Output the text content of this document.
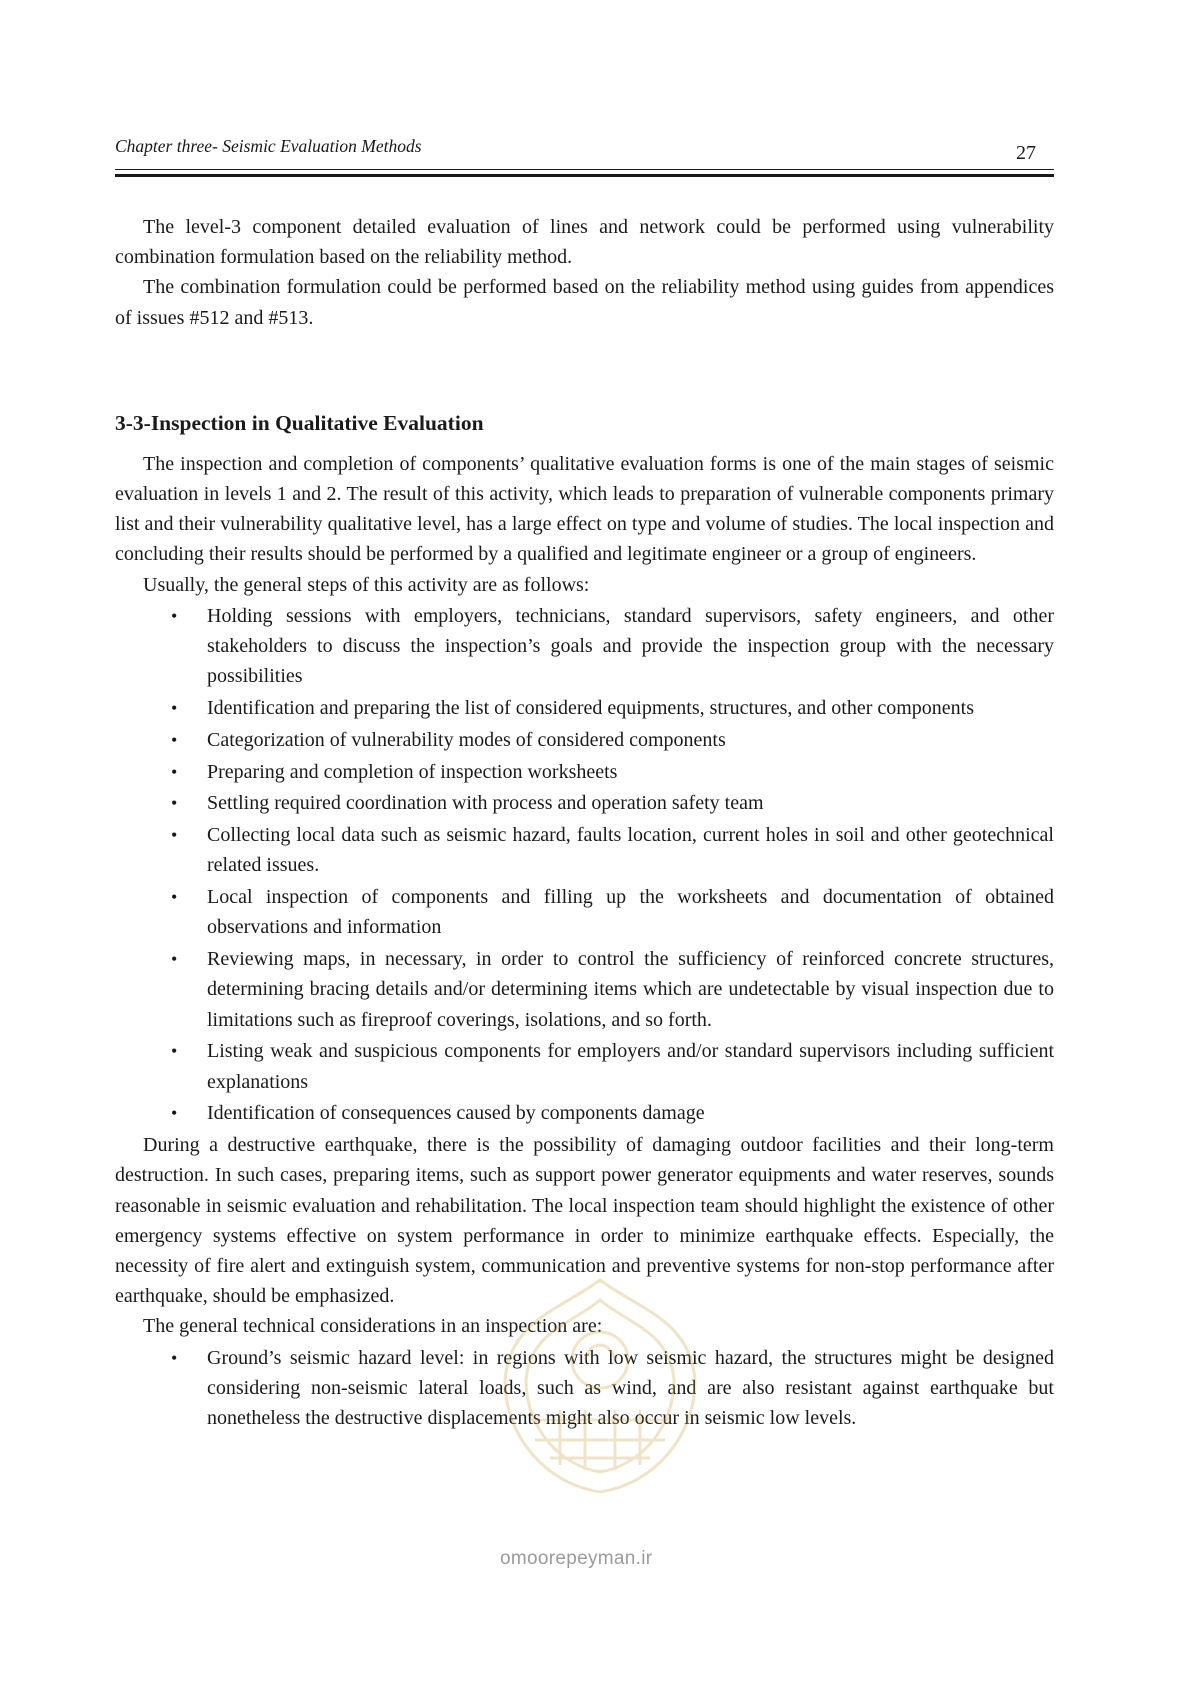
Chapter three- Seismic Evaluation Methods	27

The level-3 component detailed evaluation of lines and network could be performed using vulnerability combination formulation based on the reliability method.

The combination formulation could be performed based on the reliability method using guides from appendices of issues #512 and #513.

3-3-Inspection in Qualitative Evaluation

The inspection and completion of components’ qualitative evaluation forms is one of the main stages of seismic evaluation in levels 1 and 2. The result of this activity, which leads to preparation of vulnerable components primary list and their vulnerability qualitative level, has a large effect on type and volume of studies. The local inspection and concluding their results should be performed by a qualified and legitimate engineer or a group of engineers.

Usually, the general steps of this activity are as follows:

• Holding sessions with employers, technicians, standard supervisors, safety engineers, and other stakeholders to discuss the inspection’s goals and provide the inspection group with the necessary possibilities
• Identification and preparing the list of considered equipments, structures, and other components
• Categorization of vulnerability modes of considered components
• Preparing and completion of inspection worksheets
• Settling required coordination with process and operation safety team
• Collecting local data such as seismic hazard, faults location, current holes in soil and other geotechnical related issues.
• Local inspection of components and filling up the worksheets and documentation of obtained observations and information
• Reviewing maps, in necessary, in order to control the sufficiency of reinforced concrete structures, determining bracing details and/or determining items which are undetectable by visual inspection due to limitations such as fireproof coverings, isolations, and so forth.
• Listing weak and suspicious components for employers and/or standard supervisors including sufficient explanations
• Identification of consequences caused by components damage

During a destructive earthquake, there is the possibility of damaging outdoor facilities and their long-term destruction. In such cases, preparing items, such as support power generator equipments and water reserves, sounds reasonable in seismic evaluation and rehabilitation. The local inspection team should highlight the existence of other emergency systems effective on system performance in order to minimize earthquake effects. Especially, the necessity of fire alert and extinguish system, communication and preventive systems for non-stop performance after earthquake, should be emphasized.

The general technical considerations in an inspection are:

• Ground’s seismic hazard level: in regions with low seismic hazard, the structures might be designed considering non-seismic lateral loads, such as wind, and are also resistant against earthquake but nonetheless the destructive displacements might also occur in seismic low levels.
omoorepeyman.ir
